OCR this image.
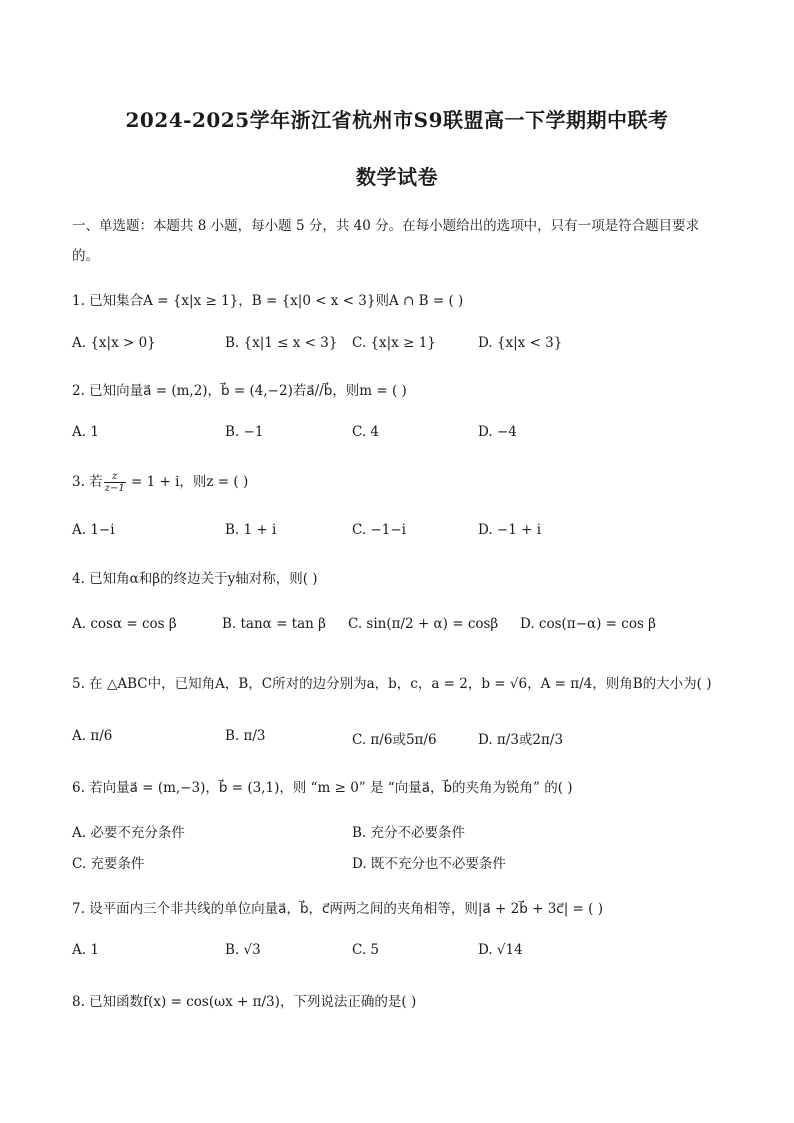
2024-2025学年浙江省杭州市S9联盟高一下学期期中联考
数学试卷
一、单选题：本题共 8 小题，每小题 5 分，共 40 分。在每小题给出的选项中，只有一项是符合题目要求
的。
1. 已知集合A = {x|x ≥ 1}，B = {x|0 < x < 3}则A ∩ B = ( )
A. {x|x > 0}	B. {x|1 ≤ x < 3} C. {x|x ≥ 1}	D. {x|x < 3}
2. 已知向量a⃗ = (m,2)，b⃗ = (4,−2)若a⃗//b⃗，则m = ( )
A. 1	B. −1	C. 4	D. −4
3. 若 $\frac{z}{z-1} = 1 + i$，则z = ( )
A. 1−i	B. 1 + i	C. −1−i	D. −1 + i
4. 已知角α和β的终边关于y轴对称，则( )
A. cosα = cos β	B. tanα = tan β C. sin(π/2 + α) = cosβ D. cos(π−α) = cos β
5. 在 △ABC中，已知角A，B，C所对的边分别为a，b，c，a = 2，b = √6，A = π/4，则角B的大小为( )
A. π/6	B. π/3	C. π/6或5π/6	D. π/3或2π/3
6. 若向量a⃗ = (m,−3)，b⃗ = (3,1)，则 “m ≥ 0” 是 “向量a⃗，b⃗的夹角为锐角” 的( )
A. 必要不充分条件	B. 充分不必要条件
C. 充要条件	D. 既不充分也不必要条件
7. 设平面内三个非共线的单位向量a⃗，b⃗，c⃗两两之间的夹角相等，则|a⃗ + 2b⃗ + 3c⃗| = ( )
A. 1	B. √3	C. 5	D. √14
8. 已知函数f(x) = cos(ωx + π/3)，下列说法正确的是( )
